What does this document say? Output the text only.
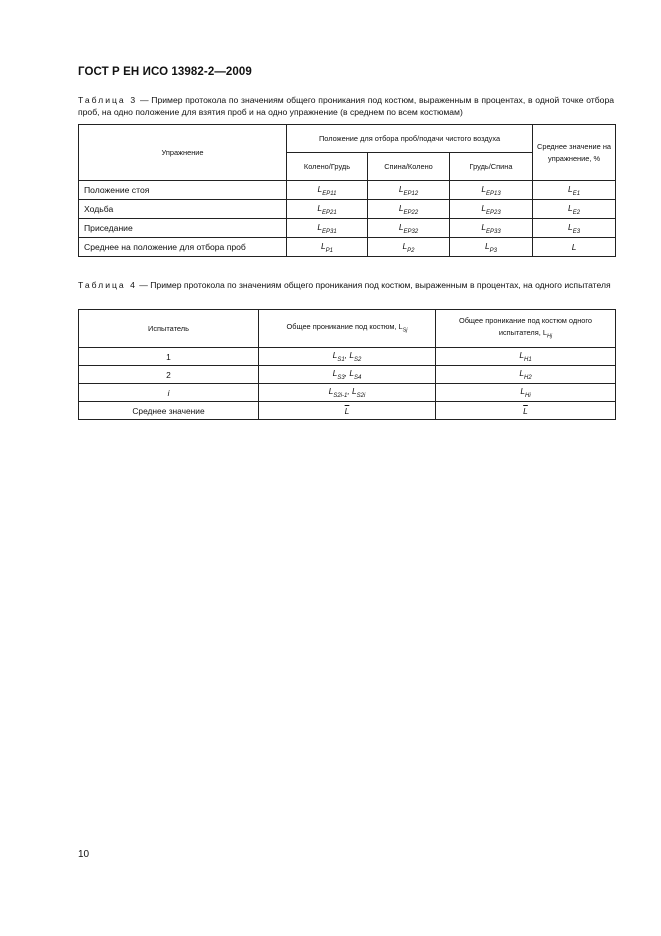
ГОСТ Р ЕН ИСО 13982-2—2009
Таблица 3 — Пример протокола по значениям общего проникания под костюм, выраженным в процентах, в одной точке отбора проб, на одно положение для взятия проб и на одно упражнение (в среднем по всем костюмам)
Упражнение	Положение для отбора проб/подачи чистого воздуха			Среднее значение на упражнение, %
	Колено/Грудь	Спина/Колено	Грудь/Спина	
Положение стоя	$L_{EP11}$	$L_{EP12}$	$L_{EP13}$	$L_{E1}$
Ходьба	$L_{EP21}$	$L_{EP22}$	$L_{EP23}$	$L_{E2}$
Приседание	$L_{EP31}$	$L_{EP32}$	$L_{EP33}$	$L_{E3}$
Среднее на положение для отбора проб	$L_{P1}$	$L_{P2}$	$L_{P3}$	L
Таблица 4 — Пример протокола по значениям общего проникания под костюм, выраженным в процентах, на одного испытателя
Испытатель	Общее проникание под костюм, $L_{Sj}$	Общее проникание под костюм одного испытателя, $L_{Hj}$
1	$L_{S1}$, $L_{S2}$	$L_{H1}$
2	$L_{S3}$, $L_{S4}$	$L_{H2}$
i	$L_{S2i-1}$, $L_{S2i}$	$L_{Hi}$
Среднее значение	$\overline{L}$	$\overline{L}$
10
